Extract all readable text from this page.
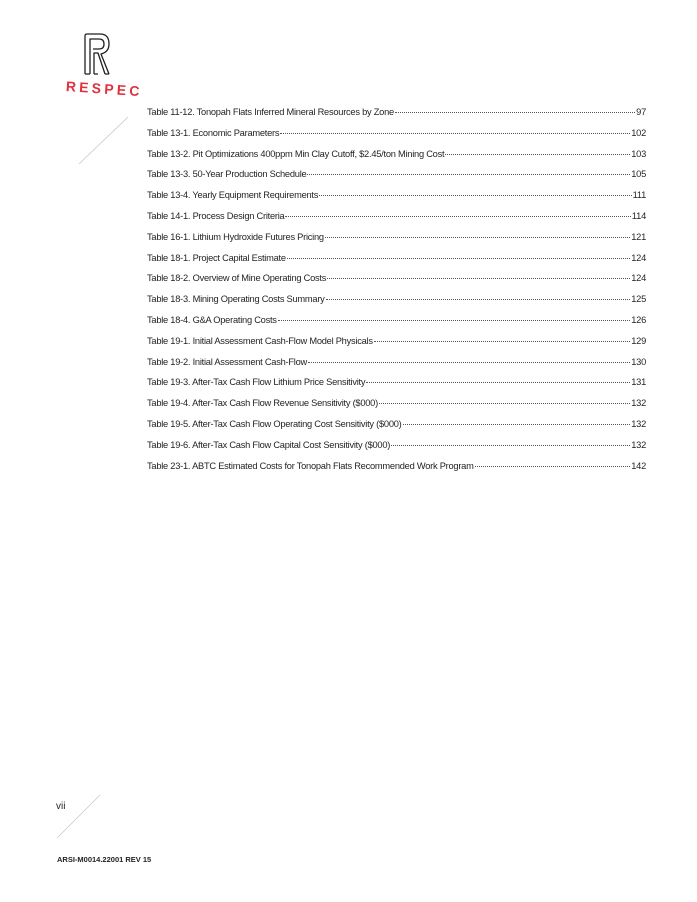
RESPEC
Table 11-12. Tonopah Flats Inferred Mineral Resources by Zone	97
Table 13-1. Economic Parameters	102
Table 13-2. Pit Optimizations 400ppm Min Clay Cutoff, $2.45/ton Mining Cost	103
Table 13-3. 50-Year Production Schedule	105
Table 13-4. Yearly Equipment Requirements	111
Table 14-1. Process Design Criteria	114
Table 16-1. Lithium Hydroxide Futures Pricing	121
Table 18-1. Project Capital Estimate	124
Table 18-2. Overview of Mine Operating Costs	124
Table 18-3. Mining Operating Costs Summary	125
Table 18-4. G&A Operating Costs	126
Table 19-1. Initial Assessment Cash-Flow Model Physicals	129
Table 19-2. Initial Assessment Cash-Flow	130
Table 19-3. After-Tax Cash Flow Lithium Price Sensitivity	131
Table 19-4. After-Tax Cash Flow Revenue Sensitivity ($000)	132
Table 19-5. After-Tax Cash Flow Operating Cost Sensitivity ($000)	132
Table 19-6. After-Tax Cash Flow Capital Cost Sensitivity ($000)	132
Table 23-1. ABTC Estimated Costs for Tonopah Flats Recommended Work Program	142
vii
ARSI-M0014.22001 REV 15
